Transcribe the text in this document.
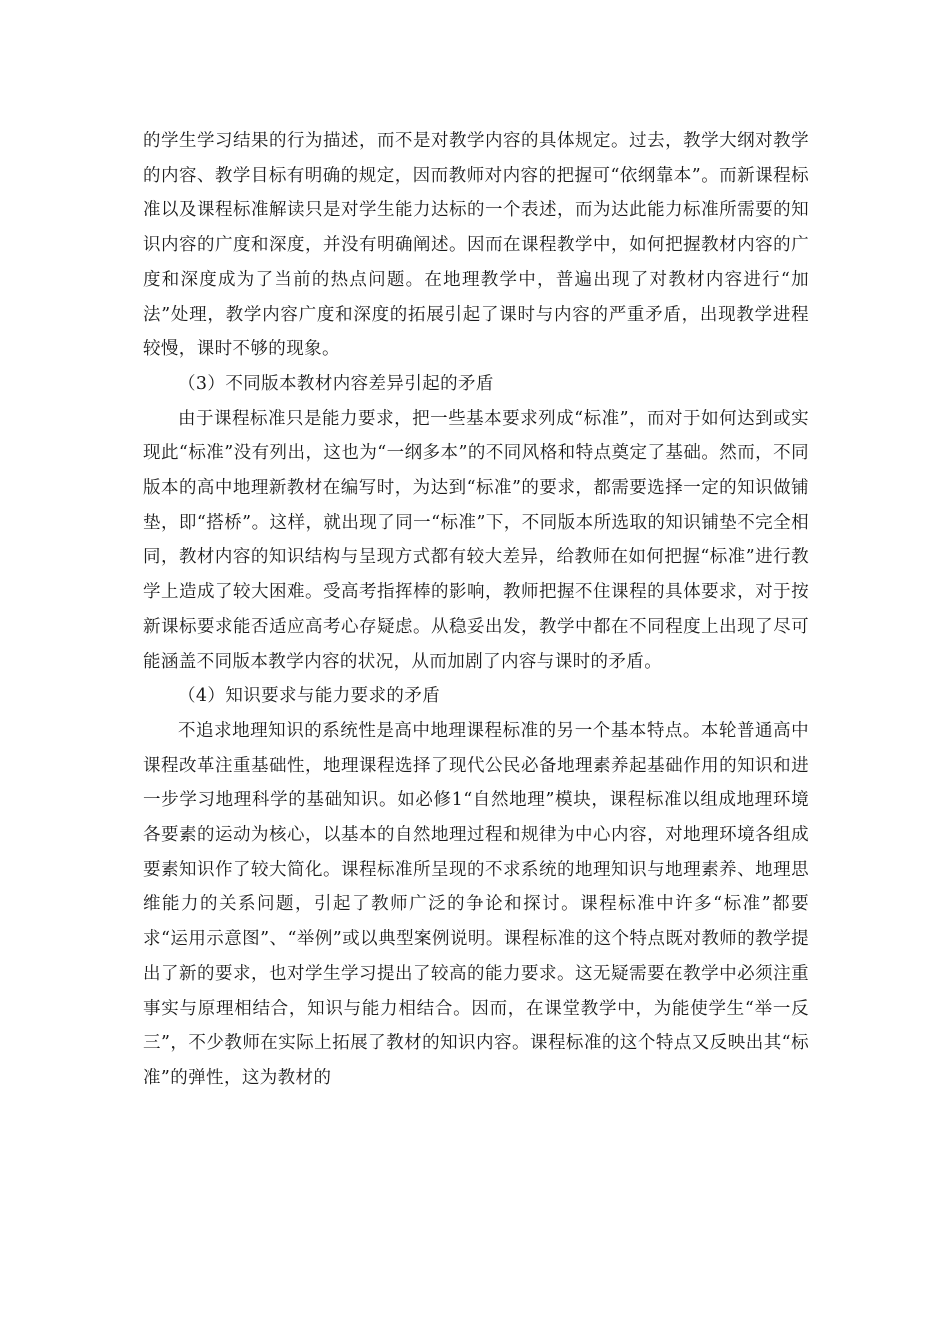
的学生学习结果的行为描述，而不是对教学内容的具体规定。过去，教学大纲对教学的内容、教学目标有明确的规定，因而教师对内容的把握可“依纲靠本”。而新课程标准以及课程标准解读只是对学生能力达标的一个表述，而为达此能力标准所需要的知识内容的广度和深度，并没有明确阐述。因而在课程教学中，如何把握教材内容的广度和深度成为了当前的热点问题。在地理教学中，普遍出现了对教材内容进行“加法”处理，教学内容广度和深度的拓展引起了课时与内容的严重矛盾，出现教学进程较慢，课时不够的现象。

（3）不同版本教材内容差异引起的矛盾

由于课程标准只是能力要求，把一些基本要求列成“标准”，而对于如何达到或实现此“标准”没有列出，这也为“一纲多本”的不同风格和特点奠定了基础。然而，不同版本的高中地理新教材在编写时，为达到“标准”的要求，都需要选择一定的知识做铺垫，即“搭桥”。这样，就出现了同一“标准”下，不同版本所选取的知识铺垫不完全相同，教材内容的知识结构与呈现方式都有较大差异，给教师在如何把握“标准”进行教学上造成了较大困难。受高考指挥棒的影响，教师把握不住课程的具体要求，对于按新课标要求能否适应高考心存疑虑。从稳妥出发，教学中都在不同程度上出现了尽可能涵盖不同版本教学内容的状况，从而加剧了内容与课时的矛盾。

（4）知识要求与能力要求的矛盾

不追求地理知识的系统性是高中地理课程标准的另一个基本特点。本轮普通高中课程改革注重基础性，地理课程选择了现代公民必备地理素养起基础作用的知识和进一步学习地理科学的基础知识。如必修1“自然地理”模块，课程标准以组成地理环境各要素的运动为核心，以基本的自然地理过程和规律为中心内容，对地理环境各组成要素知识作了较大简化。课程标准所呈现的不求系统的地理知识与地理素养、地理思维能力的关系问题，引起了教师广泛的争论和探讨。课程标准中许多“标准”都要求“运用示意图”、“举例”或以典型案例说明。课程标准的这个特点既对教师的教学提出了新的要求，也对学生学习提出了较高的能力要求。这无疑需要在教学中必须注重事实与原理相结合，知识与能力相结合。因而，在课堂教学中，为能使学生“举一反三”，不少教师在实际上拓展了教材的知识内容。课程标准的这个特点又反映出其“标准”的弹性，这为教材的
